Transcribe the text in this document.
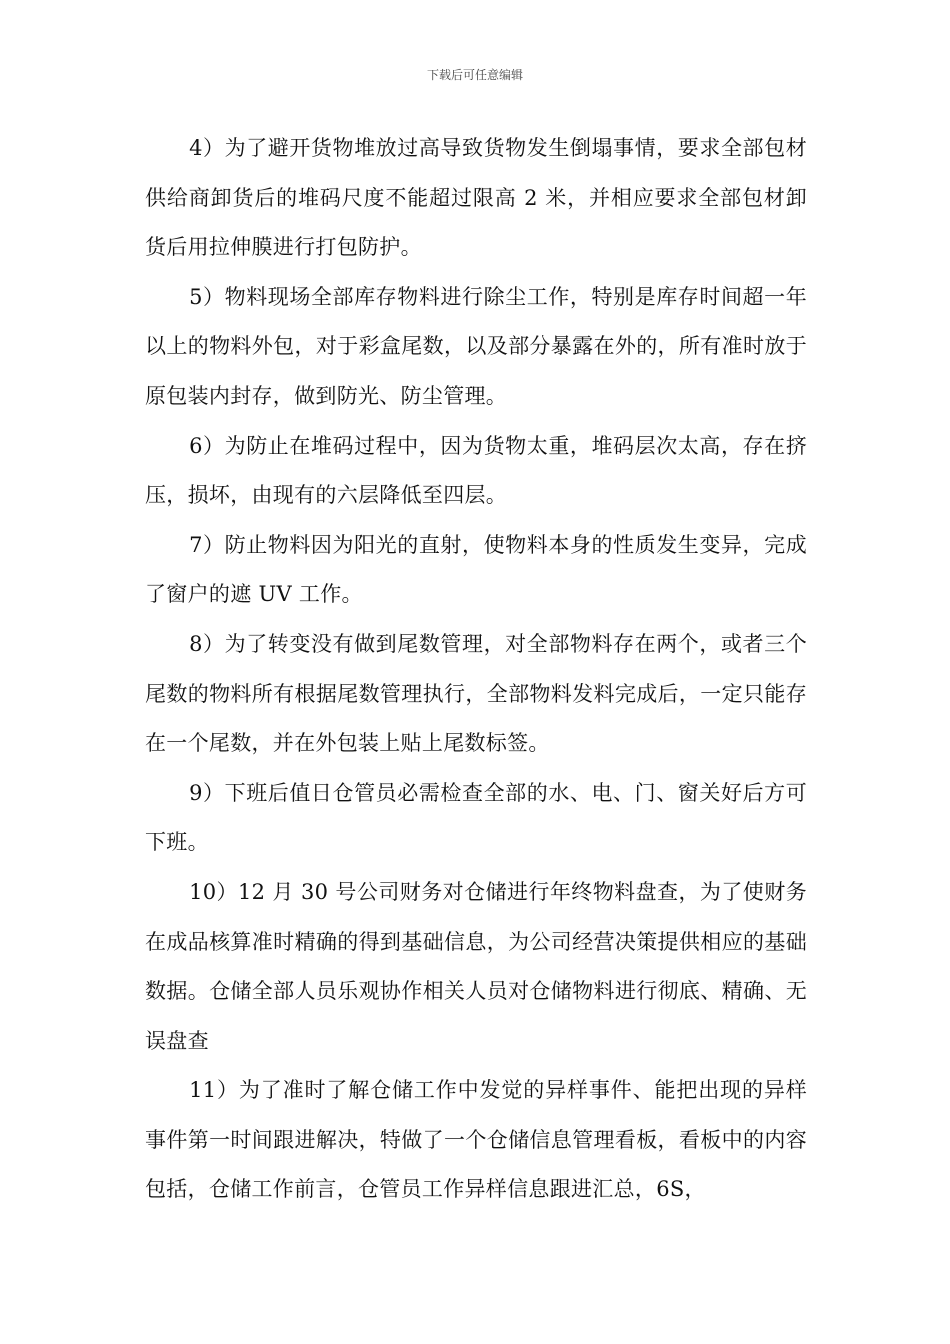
下载后可任意编辑

4）为了避开货物堆放过高导致货物发生倒塌事情，要求全部包材供给商卸货后的堆码尺度不能超过限高 2 米，并相应要求全部包材卸货后用拉伸膜进行打包防护。

5）物料现场全部库存物料进行除尘工作，特别是库存时间超一年以上的物料外包，对于彩盒尾数，以及部分暴露在外的，所有准时放于原包装内封存，做到防光、防尘管理。

6）为防止在堆码过程中，因为货物太重，堆码层次太高，存在挤压，损坏，由现有的六层降低至四层。

7）防止物料因为阳光的直射，使物料本身的性质发生变异，完成了窗户的遮 UV 工作。

8）为了转变没有做到尾数管理，对全部物料存在两个，或者三个尾数的物料所有根据尾数管理执行，全部物料发料完成后，一定只能存在一个尾数，并在外包装上贴上尾数标签。

9）下班后值日仓管员必需检查全部的水、电、门、窗关好后方可下班。

10）12 月 30 号公司财务对仓储进行年终物料盘查，为了使财务在成品核算准时精确的得到基础信息，为公司经营决策提供相应的基础数据。仓储全部人员乐观协作相关人员对仓储物料进行彻底、精确、无误盘查

11）为了准时了解仓储工作中发觉的异样事件、能把出现的异样事件第一时间跟进解决，特做了一个仓储信息管理看板，看板中的内容包括，仓储工作前言，仓管员工作异样信息跟进汇总，6S，
